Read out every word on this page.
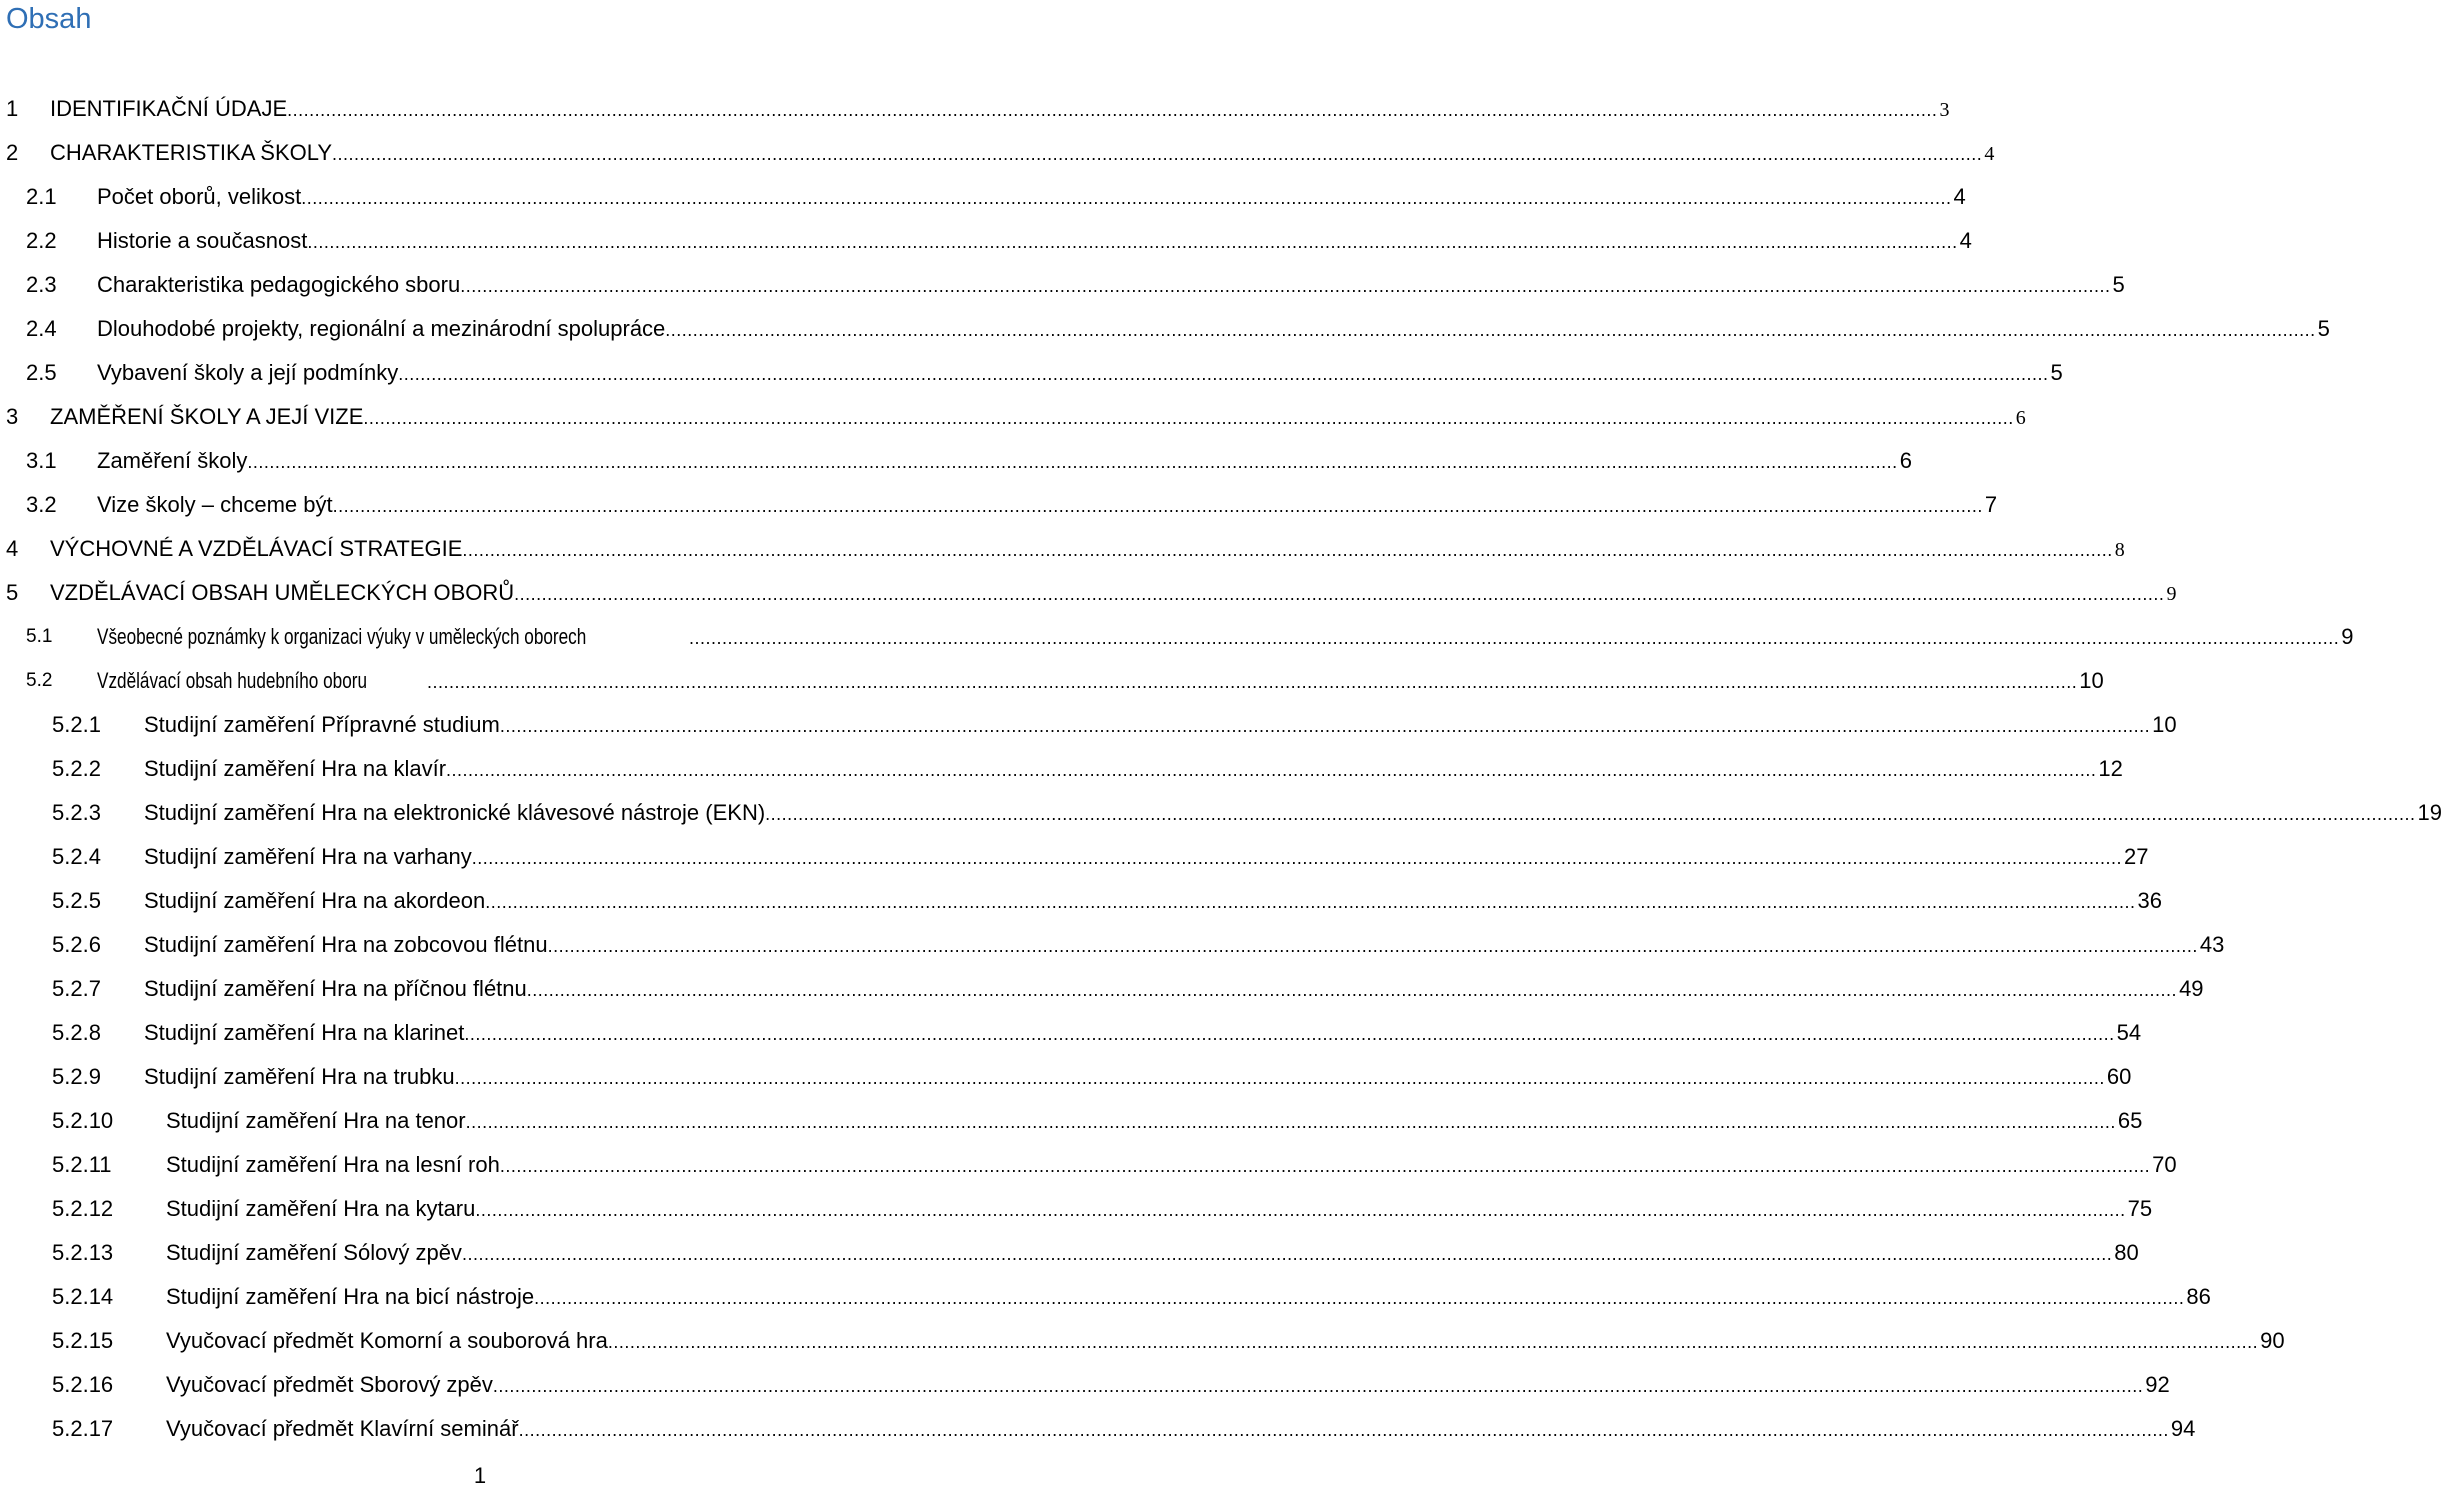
Obsah
1 IDENTIFIKAČNÍ ÚDAJE ............................................................................................................................................................................................................................................................................................................ 3
2 CHARAKTERISTIKA ŠKOLY ............................................................................................................................................................................................................................................................................................................ 4
2.1 Počet oborů, velikost ............................................................................................................................................................................................................................................................................................................ 4
2.2 Historie a současnost ............................................................................................................................................................................................................................................................................................................ 4
2.3 Charakteristika pedagogického sboru ............................................................................................................................................................................................................................................................................................................ 5
2.4 Dlouhodobé projekty, regionální a mezinárodní spolupráce ............................................................................................................................................................................................................................................................................................................ 5
2.5 Vybavení školy a její podmínky ............................................................................................................................................................................................................................................................................................................ 5
3 ZAMĚŘENÍ ŠKOLY A JEJÍ VIZE ............................................................................................................................................................................................................................................................................................................ 6
3.1 Zaměření školy ............................................................................................................................................................................................................................................................................................................ 6
3.2 Vize školy – chceme být ............................................................................................................................................................................................................................................................................................................ 7
4 VÝCHOVNÉ A VZDĚLÁVACÍ STRATEGIE ............................................................................................................................................................................................................................................................................................................ 8
5 VZDĚLÁVACÍ OBSAH UMĚLECKÝCH OBORŮ ............................................................................................................................................................................................................................................................................................................ 9
5.1 Všeobecné poznámky k organizaci výuky v uměleckých oborech	............................................................................................................................................................................................................................................................................................................ 9
5.2 Vzdělávací obsah hudebního oboru	............................................................................................................................................................................................................................................................................................................ 10
5.2.1 Studijní zaměření Přípravné studium ............................................................................................................................................................................................................................................................................................................ 10
5.2.2 Studijní zaměření Hra na klavír ............................................................................................................................................................................................................................................................................................................ 12
5.2.3 Studijní zaměření Hra na elektronické klávesové nástroje (EKN) ............................................................................................................................................................................................................................................................................................................ 19
5.2.4 Studijní zaměření Hra na varhany ............................................................................................................................................................................................................................................................................................................ 27
5.2.5 Studijní zaměření Hra na akordeon ............................................................................................................................................................................................................................................................................................................ 36
5.2.6 Studijní zaměření Hra na zobcovou flétnu ............................................................................................................................................................................................................................................................................................................ 43
5.2.7 Studijní zaměření Hra na příčnou flétnu ............................................................................................................................................................................................................................................................................................................ 49
5.2.8 Studijní zaměření Hra na klarinet ............................................................................................................................................................................................................................................................................................................ 54
5.2.9 Studijní zaměření Hra na trubku ............................................................................................................................................................................................................................................................................................................ 60
5.2.10 Studijní zaměření Hra na tenor ............................................................................................................................................................................................................................................................................................................ 65
5.2.11 Studijní zaměření Hra na lesní roh ............................................................................................................................................................................................................................................................................................................ 70
5.2.12 Studijní zaměření Hra na kytaru ............................................................................................................................................................................................................................................................................................................ 75
5.2.13 Studijní zaměření Sólový zpěv ............................................................................................................................................................................................................................................................................................................ 80
5.2.14 Studijní zaměření Hra na bicí nástroje ............................................................................................................................................................................................................................................................................................................ 86
5.2.15 Vyučovací předmět Komorní a souborová hra ............................................................................................................................................................................................................................................................................................................ 90
5.2.16 Vyučovací předmět Sborový zpěv ............................................................................................................................................................................................................................................................................................................ 92
5.2.17 Vyučovací předmět Klavírní seminář ............................................................................................................................................................................................................................................................................................................ 94
1
